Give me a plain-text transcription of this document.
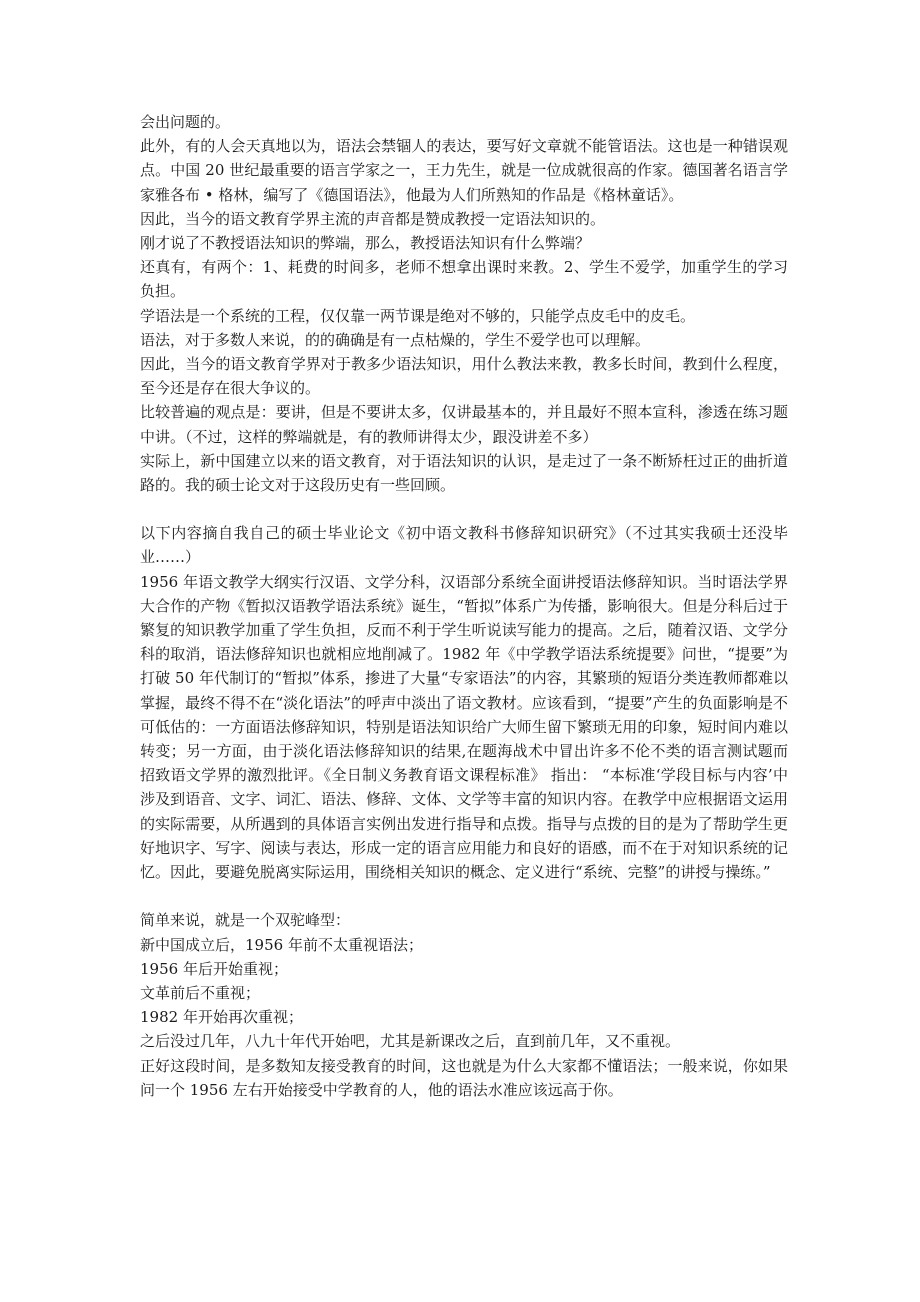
会出问题的。

此外，有的人会天真地以为，语法会禁锢人的表达，要写好文章就不能管语法。这也是一种错误观点。中国 20 世纪最重要的语言学家之一，王力先生，就是一位成就很高的作家。德国著名语言学家雅各布 • 格林，编写了《德国语法》，他最为人们所熟知的作品是《格林童话》。

因此，当今的语文教育学界主流的声音都是赞成教授一定语法知识的。

刚才说了不教授语法知识的弊端，那么，教授语法知识有什么弊端？

还真有，有两个：1、耗费的时间多，老师不想拿出课时来教。2、学生不爱学，加重学生的学习负担。

学语法是一个系统的工程，仅仅靠一两节课是绝对不够的，只能学点皮毛中的皮毛。

语法，对于多数人来说，的的确确是有一点枯燥的，学生不爱学也可以理解。

因此，当今的语文教育学界对于教多少语法知识，用什么教法来教，教多长时间，教到什么程度，至今还是存在很大争议的。

比较普遍的观点是：要讲，但是不要讲太多，仅讲最基本的，并且最好不照本宣科，渗透在练习题中讲。（不过，这样的弊端就是，有的教师讲得太少，跟没讲差不多）

实际上，新中国建立以来的语文教育，对于语法知识的认识，是走过了一条不断矫枉过正的曲折道路的。我的硕士论文对于这段历史有一些回顾。

以下内容摘自我自己的硕士毕业论文《初中语文教科书修辞知识研究》（不过其实我硕士还没毕业……）

1956 年语文教学大纲实行汉语、文学分科，汉语部分系统全面讲授语法修辞知识。当时语法学界大合作的产物《暂拟汉语教学语法系统》诞生，“暂拟”体系广为传播，影响很大。但是分科后过于繁复的知识教学加重了学生负担，反而不利于学生听说读写能力的提高。之后，随着汉语、文学分科的取消，语法修辞知识也就相应地削减了。1982 年《中学教学语法系统提要》问世，“提要”为打破 50 年代制订的“暂拟”体系，掺进了大量“专家语法”的内容，其繁琐的短语分类连教师都难以掌握，最终不得不在“淡化语法”的呼声中淡出了语文教材。应该看到，“提要”产生的负面影响是不可低估的：一方面语法修辞知识，特别是语法知识给广大师生留下繁琐无用的印象，短时间内难以转变；另一方面，由于淡化语法修辞知识的结果,在题海战术中冒出许多不伦不类的语言测试题而招致语文学界的激烈批评。《全日制义务教育语文课程标准》 指出： “本标准‘学段目标与内容’中涉及到语音、文字、词汇、语法、修辞、文体、文学等丰富的知识内容。在教学中应根据语文运用的实际需要，从所遇到的具体语言实例出发进行指导和点拨。指导与点拨的目的是为了帮助学生更好地识字、写字、阅读与表达，形成一定的语言应用能力和良好的语感，而不在于对知识系统的记忆。因此，要避免脱离实际运用，围绕相关知识的概念、定义进行“系统、完整”的讲授与操练。”

简单来说，就是一个双驼峰型：

新中国成立后，1956 年前不太重视语法；

1956 年后开始重视；

文革前后不重视；

1982 年开始再次重视；

之后没过几年，八九十年代开始吧，尤其是新课改之后，直到前几年，又不重视。

正好这段时间，是多数知友接受教育的时间，这也就是为什么大家都不懂语法；一般来说，你如果问一个 1956 左右开始接受中学教育的人，他的语法水准应该远高于你。
